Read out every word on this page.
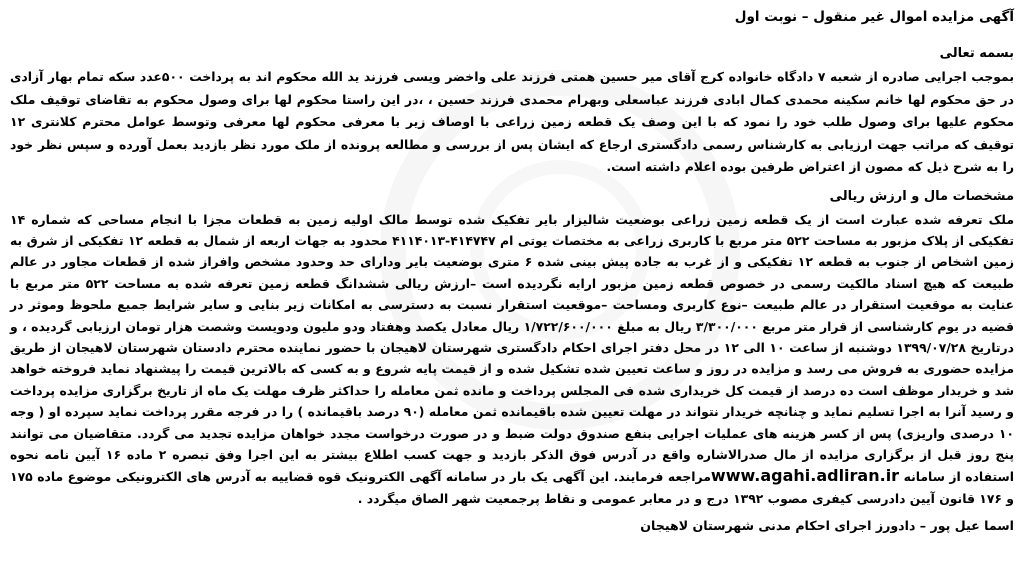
آگهی مزایده اموال غیر منقول – نوبت اول
بسمه تعالی

بموجب اجرایی صادره از شعبه ۷ دادگاه خانواده کرج آقای میر حسین همتی فرزند علی واخضر ویسی فرزند ید الله محکوم اند به پرداخت ۵۰۰عدد سکه تمام بهار آزادی در حق محکوم لها خانم سکینه محمدی کمال ابادی فرزند عباسعلی وبهرام محمدی فرزند حسین ، ،در این راستا محکوم لها برای وصول محکوم به تقاضای توقیف ملک محکوم علیها برای وصول طلب خود را نمود که با این وصف یک قطعه زمین زراعی با اوصاف زیر با معرفی محکوم لها معرفی وتوسط عوامل محترم کلانتری ۱۲ توقیف که مراتب جهت ارزیابی به کارشناس رسمی دادگستری ارجاع که ایشان پس از بررسی و مطالعه پرونده از ملک مورد نظر بازدید بعمل آورده و سپس نظر خود را به شرح ذیل که مصون از اعتراض طرفین بوده اعلام داشته است.

مشخصات مال و ارزش ریالی

ملک تعرفه شده عبارت است از یک قطعه زمین زراعی بوضعیت شالیزار بایر تفکیک شده توسط مالک اولیه زمین به قطعات مجزا با انجام مساحی که شماره ۱۴ تفکیکی از پلاک مزبور به مساحت ۵۲۲ متر مربع با کاربری زراعی به مختصات یوتی ام ۴۱۴۷۴۷-۴۱۱۴۰۱۳ محدود به جهات اربعه از شمال به قطعه ۱۲ تفکیکی از شرق به زمین اشخاص از جنوب به قطعه ۱۲ تفکیکی و از غرب به جاده پیش بینی شده ۶ متری بوضعیت بایر ودارای حد وحدود مشخص وافراز شده از قطعات مجاور در عالم طبیعت که هیچ اسناد مالکیت رسمی در خصوص قطعه زمین مزبور ارایه نگردیده است –ارزش ریالی ششدانگ قطعه زمین تعرفه شده به مساحت ۵۲۲ متر مربع با عنایت به موقعیت استقرار در عالم طبیعت –نوع کاربری ومساحت –موقعیت استقرار نسبت به دسترسی به امکانات زیر بنایی و سایر شرایط جمیع ملحوظ وموثر در قضیه در یوم کارشناسی از قرار متر مربع ۳/۳۰۰/۰۰۰ ریال به مبلغ ۱/۷۲۲/۶۰۰/۰۰۰ ریال معادل یکصد وهفتاد ودو ملیون ودویست وشصت هزار تومان ارزیابی گردیده ، و درتاریخ ۱۳۹۹/۰۷/۲۸ دوشنبه از ساعت ۱۰ الی ۱۲ در محل دفتر اجرای احکام دادگستری شهرستان لاهیجان با حضور نماینده محترم دادستان شهرستان لاهیجان از طریق مزایده حضوری به فروش می رسد و مزایده در روز و ساعت تعیین شده تشکیل شده و از قیمت پایه شروع و به کسی که بالاترین قیمت را پیشنهاد نماید فروخته خواهد شد و خریدار موظف است ده درصد از قیمت کل خریداری شده فی المجلس پرداخت و مانده ثمن معامله را حداکثر ظرف مهلت یک ماه از تاریخ برگزاری مزایده پرداخت و رسید آنرا به اجرا تسلیم نماید و چنانچه خریدار نتواند در مهلت تعیین شده باقیمانده ثمن معامله (۹۰ درصد باقیمانده ) را در فرجه مقرر پرداخت نماید سپرده او ( وجه ۱۰ درصدی واریزی) پس از کسر هزینه های عملیات اجرایی بنفع صندوق دولت ضبط و در صورت درخواست مجدد خواهان مزایده تجدید می گردد. متقاضیان می توانند پنج روز قبل از برگزاری مزایده از مال صدرالاشاره واقع در آدرس فوق الذکر بازدید و جهت کسب اطلاع بیشتر به این اجرا وفق تبصره ۲ ماده ۱۶ آیین نامه نحوه استفاده از سامانه www.agahi.adliran.irمراجعه فرمایند. این آگهی یک بار در سامانه آگهی الکترونیک قوه قضاییه به آدرس های الکترونیکی موضوع ماده ۱۷۵ و ۱۷۶ قانون آیین دادرسی کیفری مصوب ۱۳۹۲ درج و در معابر عمومی و نقاط پرجمعیت شهر الصاق میگردد .

اسما عیل پور – دادورز اجرای احکام مدنی شهرستان لاهیجان
